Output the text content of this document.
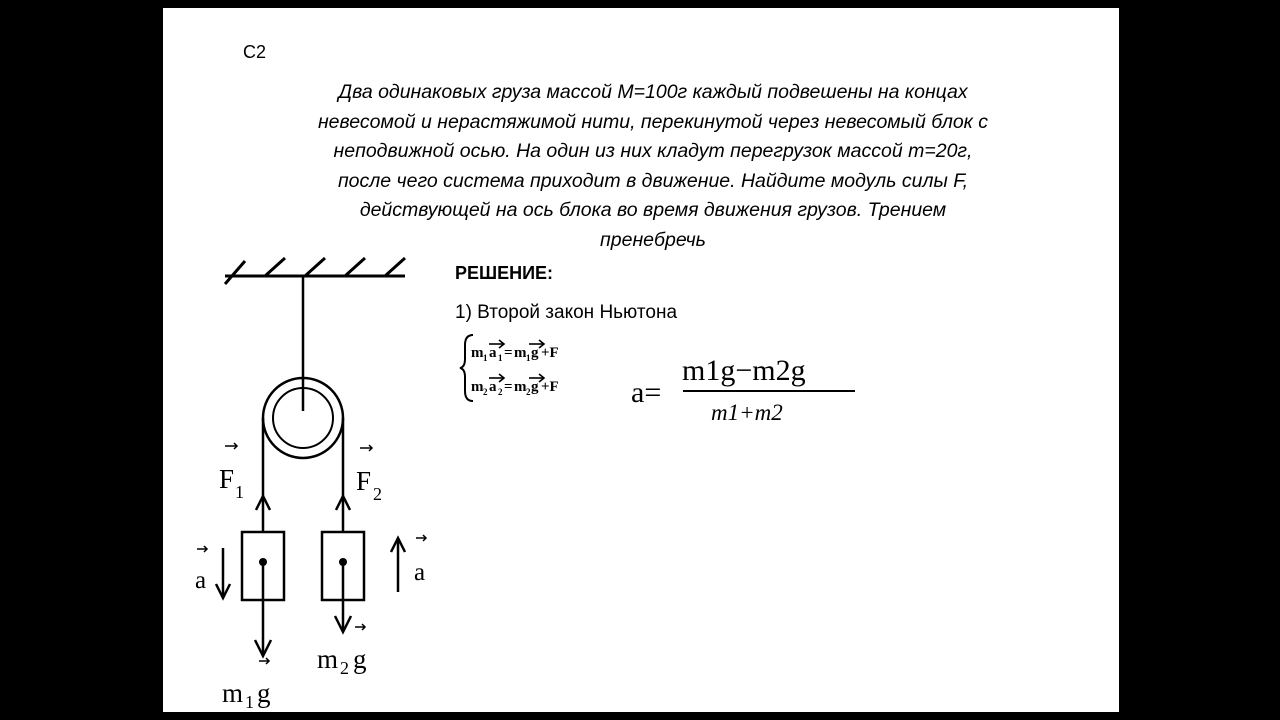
C2
Два одинаковых груза массой М=100г каждый подвешены на концах
невесомой и нерастяжимой нити, перекинутой через невесомый блок с
неподвижной осью. На один из них кладут перегрузок массой m=20г,
после чего система приходит в движение. Найдите модуль силы F,
действующей на ось блока во время движения грузов. Трением
пренебречь
РЕШЕНИЕ:
1) Второй закон Ньютона
m 1 a 1 = m 1 g +F
m 2 a 2 = m 2 g +F a=
m1g−m2g
m1+m2
F 1	F 2
a	a
m 1 g
m 2 g
